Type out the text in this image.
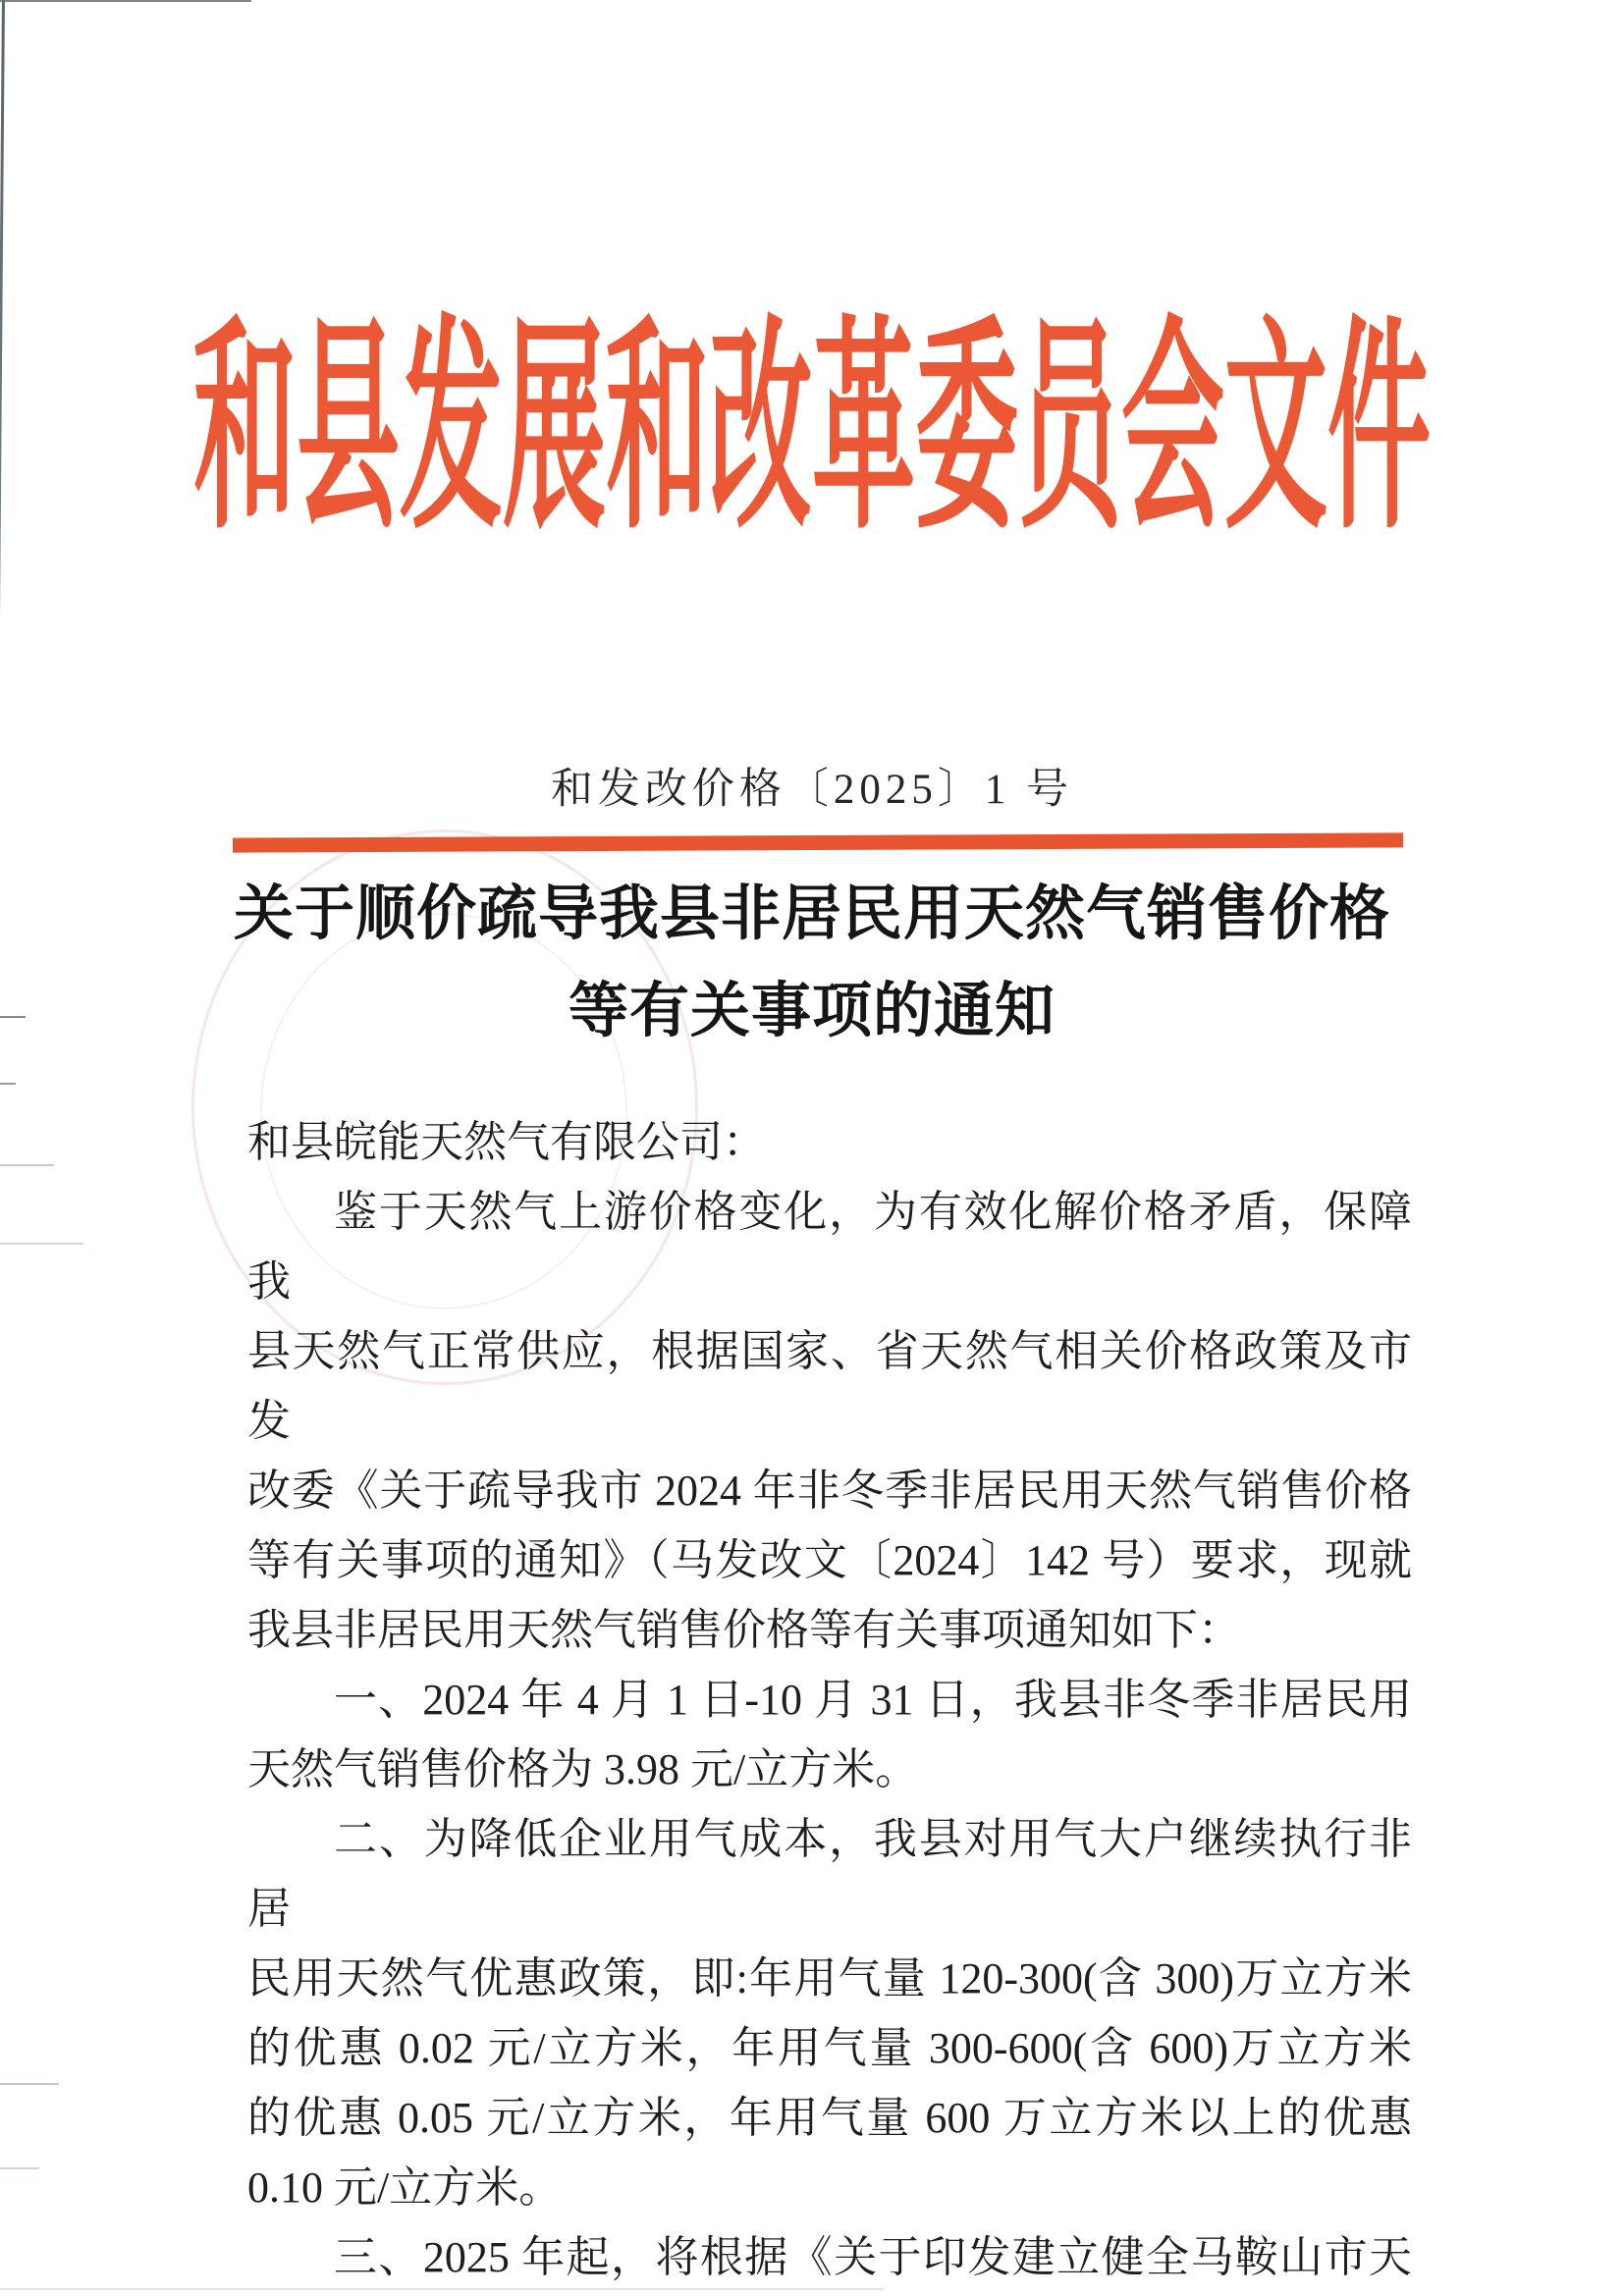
和县发展和改革委员会文件
和发改价格〔2025〕1 号
关于顺价疏导我县非居民用天然气销售价格
等有关事项的通知
和县皖能天然气有限公司：
鉴于天然气上游价格变化，为有效化解价格矛盾，保障我
县天然气正常供应，根据国家、省天然气相关价格政策及市发
改委《关于疏导我市 2024 年非冬季非居民用天然气销售价格
等有关事项的通知》（马发改文〔2024〕142 号）要求，现就
我县非居民用天然气销售价格等有关事项通知如下：
一、2024 年 4 月 1 日-10 月 31 日，我县非冬季非居民用
天然气销售价格为 3.98 元/立方米。
二、为降低企业用气成本，我县对用气大户继续执行非居
民用天然气优惠政策，即:年用气量 120-300(含 300)万立方米
的优惠 0.02 元/立方米，年用气量 300-600(含 600)万立方米
的优惠 0.05 元/立方米，年用气量 600 万立方米以上的优惠
0.10 元/立方米。
三、2025 年起，将根据《关于印发建立健全马鞍山市天
